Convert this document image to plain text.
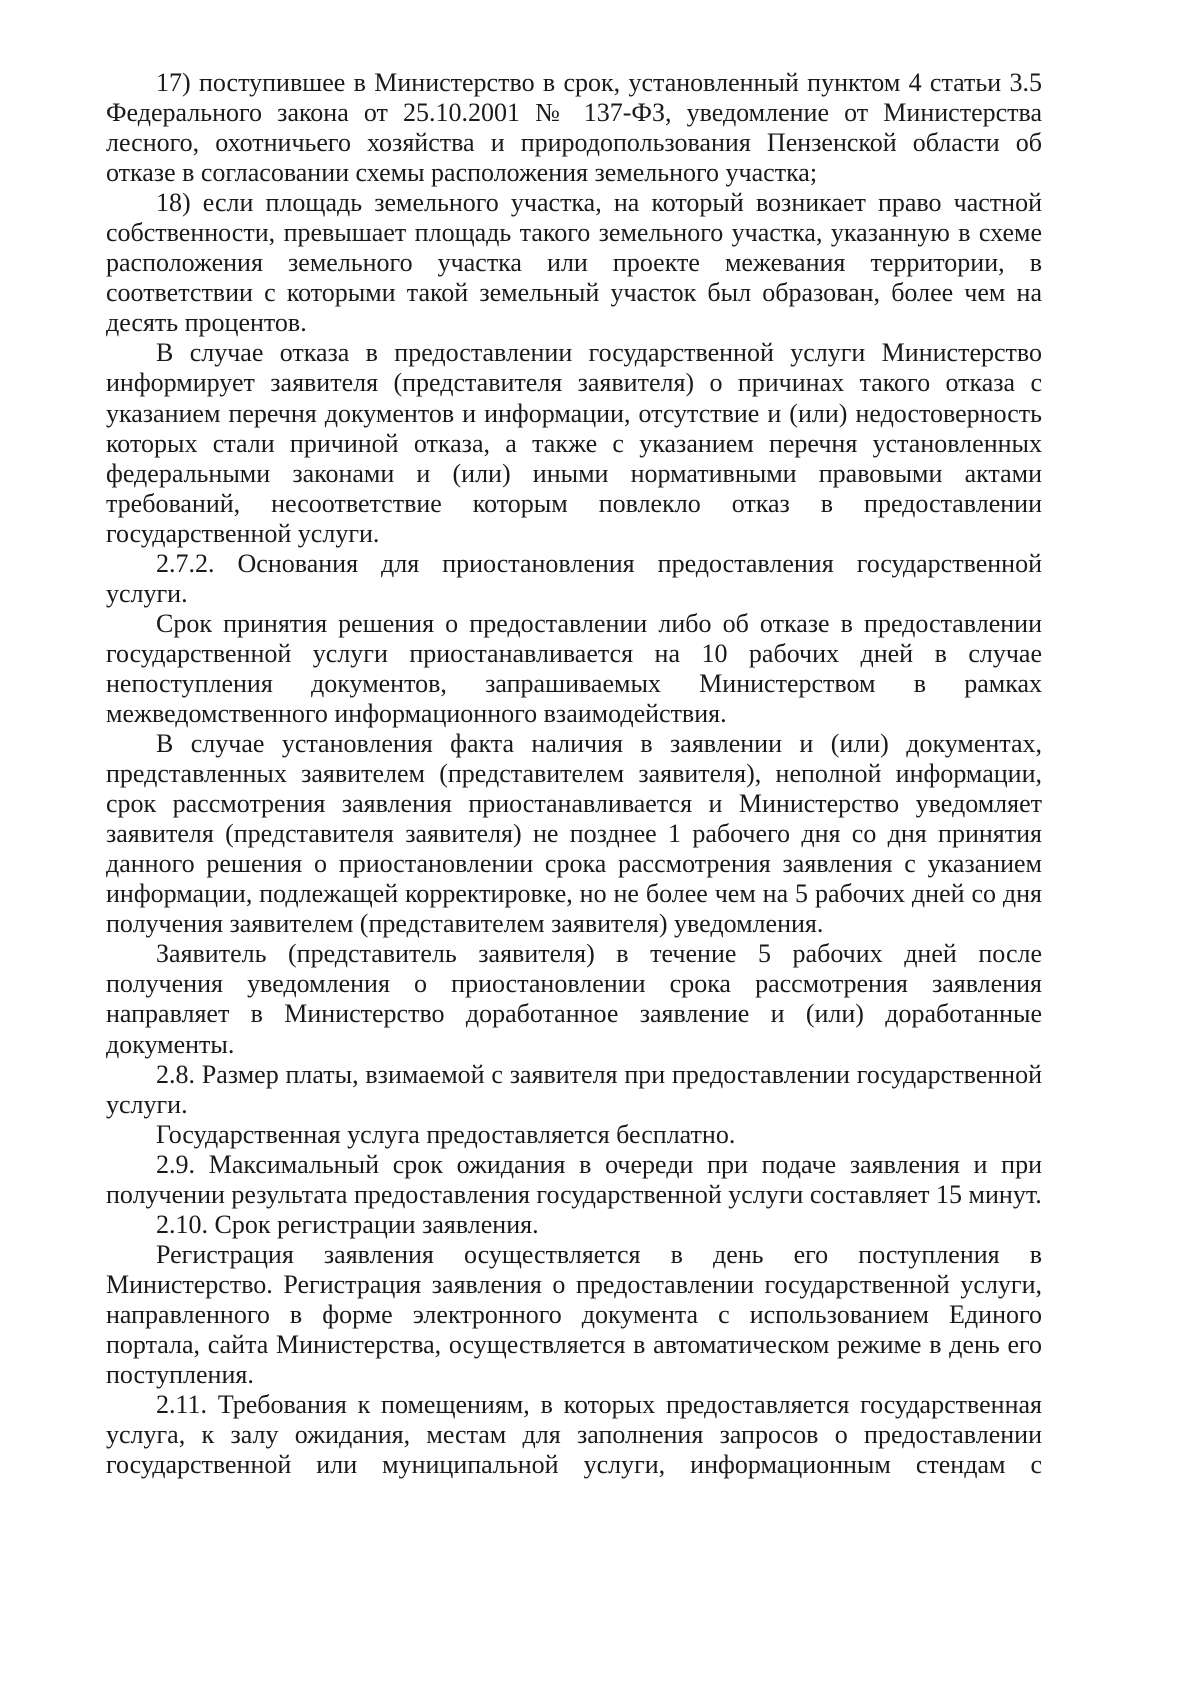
17) поступившее в Министерство в срок, установленный пунктом 4 статьи 3.5 Федерального закона от 25.10.2001 № 137-ФЗ, уведомление от Министерства лесного, охотничьего хозяйства и природопользования Пензенской области об отказе в согласовании схемы расположения земельного участка;

18) если площадь земельного участка, на который возникает право частной собственности, превышает площадь такого земельного участка, указанную в схеме расположения земельного участка или проекте межевания территории, в соответствии с которыми такой земельный участок был образован, более чем на десять процентов.

В случае отказа в предоставлении государственной услуги Министерство информирует заявителя (представителя заявителя) о причинах такого отказа с указанием перечня документов и информации, отсутствие и (или) недостоверность которых стали причиной отказа, а также с указанием перечня установленных федеральными законами и (или) иными нормативными правовыми актами требований, несоответствие которым повлекло отказ в предоставлении государственной услуги.

2.7.2. Основания для приостановления предоставления государственной услуги.

Срок принятия решения о предоставлении либо об отказе в предоставлении государственной услуги приостанавливается на 10 рабочих дней в случае непоступления документов, запрашиваемых Министерством в рамках межведомственного информационного взаимодействия.

В случае установления факта наличия в заявлении и (или) документах, представленных заявителем (представителем заявителя), неполной информации, срок рассмотрения заявления приостанавливается и Министерство уведомляет заявителя (представителя заявителя) не позднее 1 рабочего дня со дня принятия данного решения о приостановлении срока рассмотрения заявления с указанием информации, подлежащей корректировке, но не более чем на 5 рабочих дней со дня получения заявителем (представителем заявителя) уведомления.

Заявитель (представитель заявителя) в течение 5 рабочих дней после получения уведомления о приостановлении срока рассмотрения заявления направляет в Министерство доработанное заявление и (или) доработанные документы.

2.8. Размер платы, взимаемой с заявителя при предоставлении государственной услуги.

Государственная услуга предоставляется бесплатно.

2.9. Максимальный срок ожидания в очереди при подаче заявления и при получении результата предоставления государственной услуги составляет 15 минут.

2.10. Срок регистрации заявления.

Регистрация заявления осуществляется в день его поступления в Министерство. Регистрация заявления о предоставлении государственной услуги, направленного в форме электронного документа с использованием Единого портала, сайта Министерства, осуществляется в автоматическом режиме в день его поступления.

2.11. Требования к помещениям, в которых предоставляется государственная услуга, к залу ожидания, местам для заполнения запросов о предоставлении государственной или муниципальной услуги, информационным стендам с
